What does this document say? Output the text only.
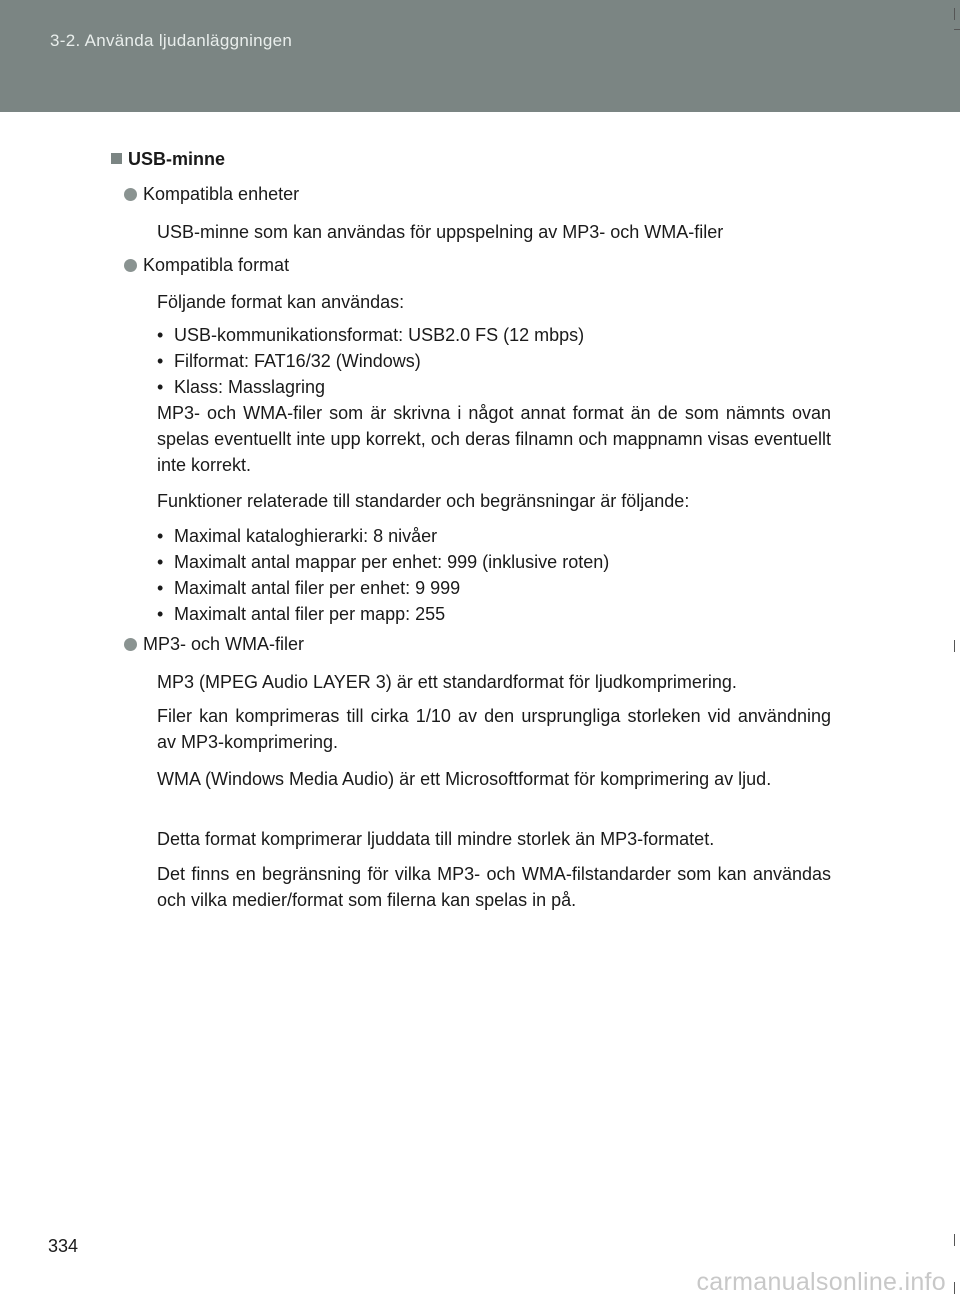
3-2. Använda ljudanläggningen
USB-minne
Kompatibla enheter
USB-minne som kan användas för uppspelning av MP3- och WMA-filer
Kompatibla format
Följande format kan användas:
• USB-kommunikationsformat: USB2.0 FS (12 mbps)
• Filformat: FAT16/32 (Windows)
• Klass: Masslagring
MP3- och WMA-filer som är skrivna i något annat format än de som nämnts ovan spelas eventuellt inte upp korrekt, och deras filnamn och mappnamn visas eventuellt inte korrekt.
Funktioner relaterade till standarder och begränsningar är följande:
• Maximal kataloghierarki: 8 nivåer
• Maximalt antal mappar per enhet: 999 (inklusive roten)
• Maximalt antal filer per enhet: 9 999
• Maximalt antal filer per mapp: 255
MP3- och WMA-filer
MP3 (MPEG Audio LAYER 3) är ett standardformat för ljudkomprimering.
Filer kan komprimeras till cirka 1/10 av den ursprungliga storleken vid användning av MP3-komprimering.
WMA (Windows Media Audio) är ett Microsoftformat för komprimering av ljud.
Detta format komprimerar ljuddata till mindre storlek än MP3-formatet.
Det finns en begränsning för vilka MP3- och WMA-filstandarder som kan användas och vilka medier/format som filerna kan spelas in på.
334
carmanualsonline.info
